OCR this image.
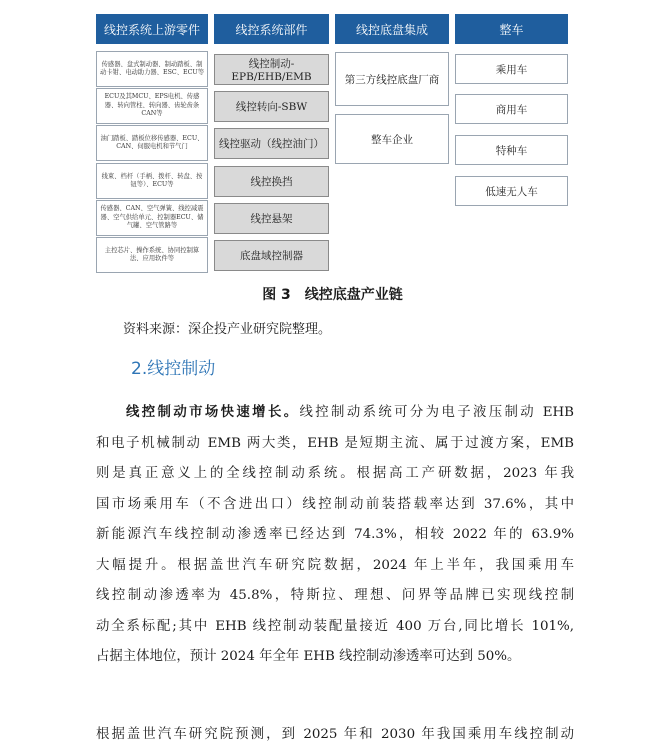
线控系统上游零件	线控系统部件	线控底盘集成	整车
传感器、盘式制动器、制动踏板、制动卡钳、电动助力器、ESC、ECU等
ECU及其MCU、EPS电机、传感器、转向管柱、转向器、齿轮齿条CAN等
油门踏板、踏板位移传感器、ECU、CAN、伺服电机和节气门
线束、档杆（手柄、拨杆、转盘、按钮等）、ECU等
传感器、CAN、空气弹簧、线控减震器、空气供给单元、控制器ECU、储气罐、空气管路等
主控芯片、操作系统、协同控制算法、应用软件等
线控制动-EPB/EHB/EMB
线控转向-SBW
线控驱动（线控油门）
线控换挡
线控悬架
底盘域控制器
第三方线控底盘厂商
整车企业
乘用车
商用车
特种车
低速无人车
图 3　线控底盘产业链
资料来源：深企投产业研究院整理。
2.线控制动
线控制动市场快速增长。线控制动系统可分为电子液压制动 EHB
和电子机械制动 EMB 两大类，EHB 是短期主流、属于过渡方案，EMB
则是真正意义上的全线控制动系统。根据高工产研数据，2023 年我
国市场乘用车（不含进出口）线控制动前装搭载率达到 37.6%，其中
新能源汽车线控制动渗透率已经达到 74.3%，相较 2022 年的 63.9%
大幅提升。根据盖世汽车研究院数据，2024 年上半年，我国乘用车
线控制动渗透率为 45.8%，特斯拉、理想、问界等品牌已实现线控制
动全系标配;其中 EHB 线控制动装配量接近 400 万台,同比增长 101%,
占据主体地位，预计 2024 年全年 EHB 线控制动渗透率可达到 50%。
根据盖世汽车研究院预测，到 2025 年和 2030 年我国乘用车线控制动
